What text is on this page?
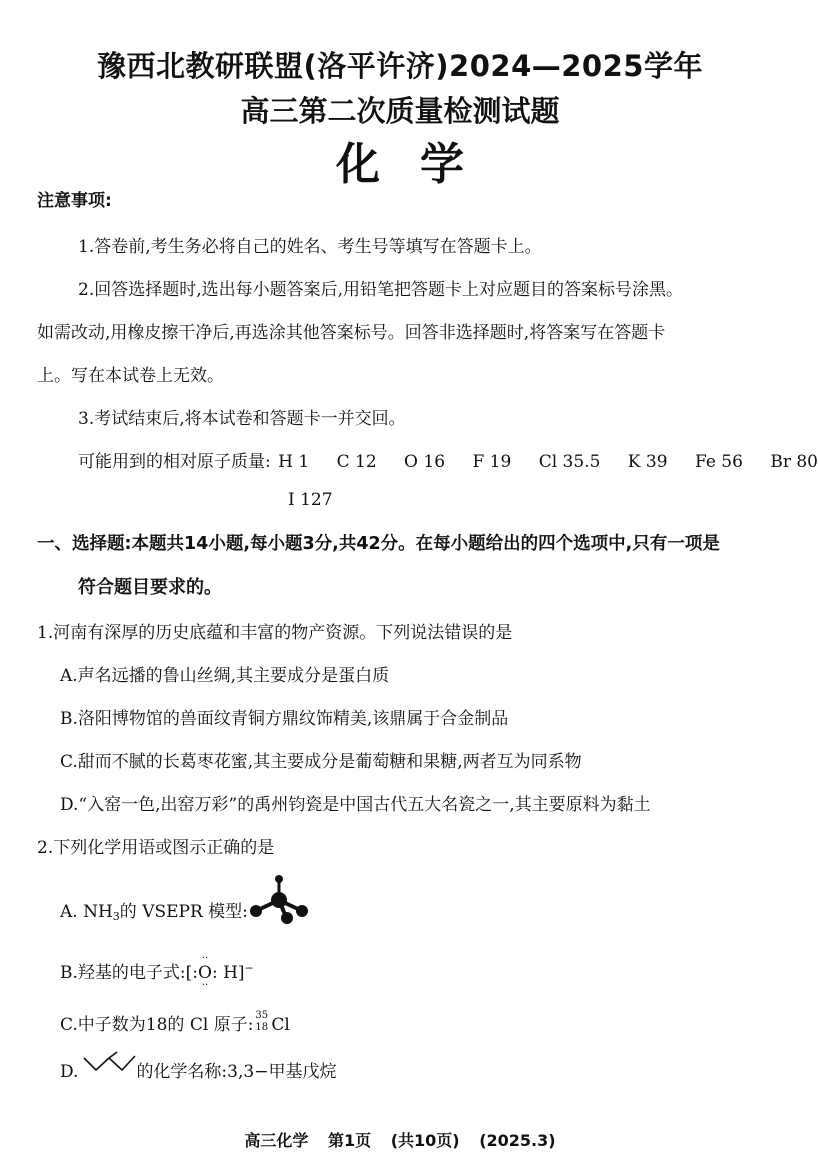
豫西北教研联盟(洛平许济)2024—2025学年
高三第二次质量检测试题
化学
注意事项:
1.答卷前,考生务必将自己的姓名、考生号等填写在答题卡上。
2.回答选择题时,选出每小题答案后,用铅笔把答题卡上对应题目的答案标号涂黑。
如需改动,用橡皮擦干净后,再选涂其他答案标号。回答非选择题时,将答案写在答题卡
上。写在本试卷上无效。
3.考试结束后,将本试卷和答题卡一并交回。
可能用到的相对原子质量: H 1 C 12 O 16 F 19 Cl 35.5 K 39 Fe 56 Br 80
I 127
一、选择题:本题共14小题,每小题3分,共42分。在每小题给出的四个选项中,只有一项是
符合题目要求的。
1.河南有深厚的历史底蕴和丰富的物产资源。下列说法错误的是
A.声名远播的鲁山丝绸,其主要成分是蛋白质
B.洛阳博物馆的兽面纹青铜方鼎纹饰精美,该鼎属于合金制品
C.甜而不腻的长葛枣花蜜,其主要成分是葡萄糖和果糖,两者互为同系物
D.“入窑一色,出窑万彩”的禹州钧瓷是中国古代五大名瓷之一,其主要原料为黏土
2.下列化学用语或图示正确的是
A. $NH_3$的 VSEPR 模型:
B.羟基的电子式:[:
··
O
··
: H]−
C.中子数为18的 Cl 原子: 35
18 Cl
D.	的化学名称:3,3−甲基戊烷
高三化学 第1页 (共10页) (2025.3)
